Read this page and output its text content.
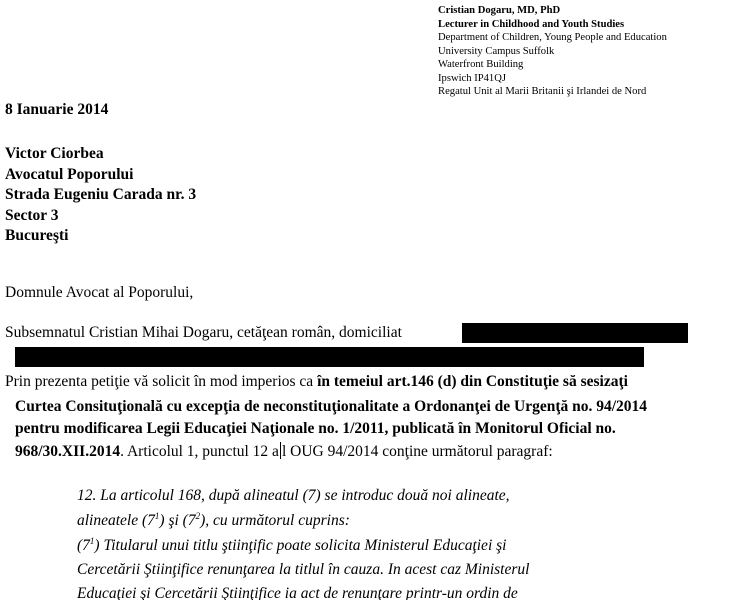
Cristian Dogaru, MD, PhD
Lecturer in Childhood and Youth Studies
Department of Children, Young People and Education
University Campus Suffolk
Waterfront Building
Ipswich IP41QJ
Regatul Unit al Marii Britanii şi Irlandei de Nord
8 Ianuarie 2014
Victor Ciorbea
Avocatul Poporului
Strada Eugeniu Carada nr. 3
Sector 3
Bucureşti
Domnule Avocat al Poporului,
Subsemnatul Cristian Mihai Dogaru, cetăţean român, domiciliat
Prin prezenta petiţie vă solicit în mod imperios ca în temeiul art.146 (d) din Constituţie să sesizaţi
Curtea Consituţională cu excepţia de neconstituţionalitate a Ordonanţei de Urgenţă no. 94/2014
pentru modificarea Legii Educaţiei Naţionale no. 1/2011, publicată în Monitorul Oficial no.
968/30.XII.2014. Articolul 1, punctul 12 a l OUG 94/2014 conţine următorul paragraf:
12. La articolul 168, după alineatul (7) se introduc două noi alineate,
alineatele $(7^1)$ şi $(7^2)$, cu următorul cuprins:
$(7^1)$ Titularul unui titlu ştiinţific poate solicita Ministerul Educaţiei şi
Cercetării Ştiinţifice renunţarea la titlul în cauza. In acest caz Ministerul
Educaţiei şi Cercetării Ştiinţifice ia act de renunţare printr-un ordin de
